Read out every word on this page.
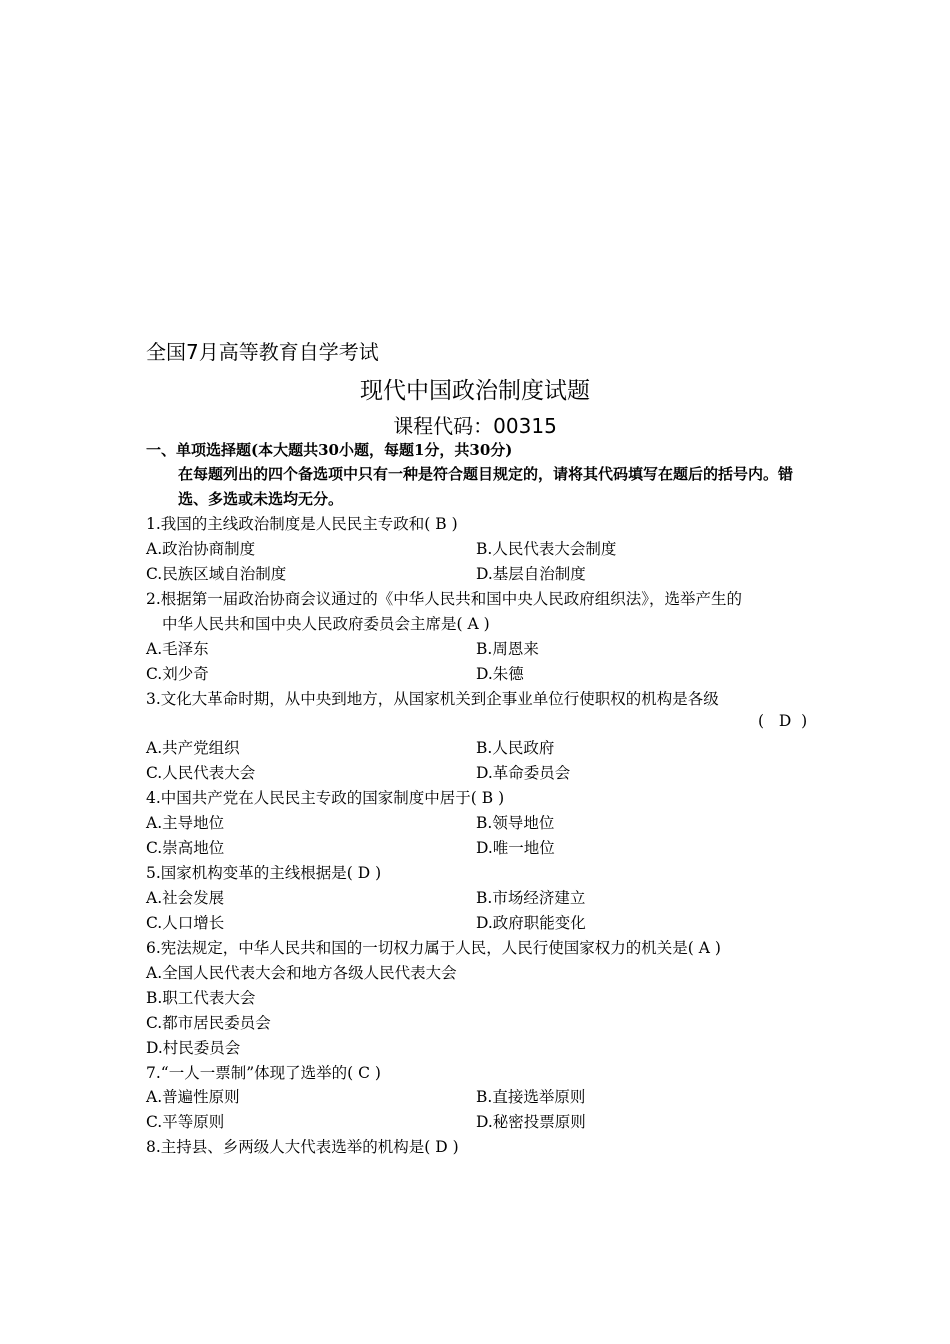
全国7月高等教育自学考试
现代中国政治制度试题
课程代码：00315
一、单项选择题(本大题共30小题，每题1分，共30分)
在每题列出的四个备选项中只有一种是符合题目规定的，请将其代码填写在题后的括号内。错选、多选或未选均无分。
1.我国的主线政治制度是人民民主专政和( B )
A.政治协商制度	B.人民代表大会制度
C.民族区域自治制度	D.基层自治制度
2.根据第一届政治协商会议通过的《中华人民共和国中央人民政府组织法》，选举产生的
中华人民共和国中央人民政府委员会主席是( A )
A.毛泽东	B.周恩来
C.刘少奇	D.朱德
3.文化大革命时期，从中央到地方，从国家机关到企事业单位行使职权的机构是各级
(   D  )
A.共产党组织	B.人民政府
C.人民代表大会	D.革命委员会
4.中国共产党在人民民主专政的国家制度中居于( B )
A.主导地位	B.领导地位
C.崇高地位	D.唯一地位
5.国家机构变革的主线根据是( D )
A.社会发展	B.市场经济建立
C.人口增长	D.政府职能变化
6.宪法规定，中华人民共和国的一切权力属于人民，人民行使国家权力的机关是( A )
A.全国人民代表大会和地方各级人民代表大会
B.职工代表大会
C.都市居民委员会
D.村民委员会
7.“一人一票制”体现了选举的( C )
A.普遍性原则	B.直接选举原则
C.平等原则	D.秘密投票原则
8.主持县、乡两级人大代表选举的机构是( D )
